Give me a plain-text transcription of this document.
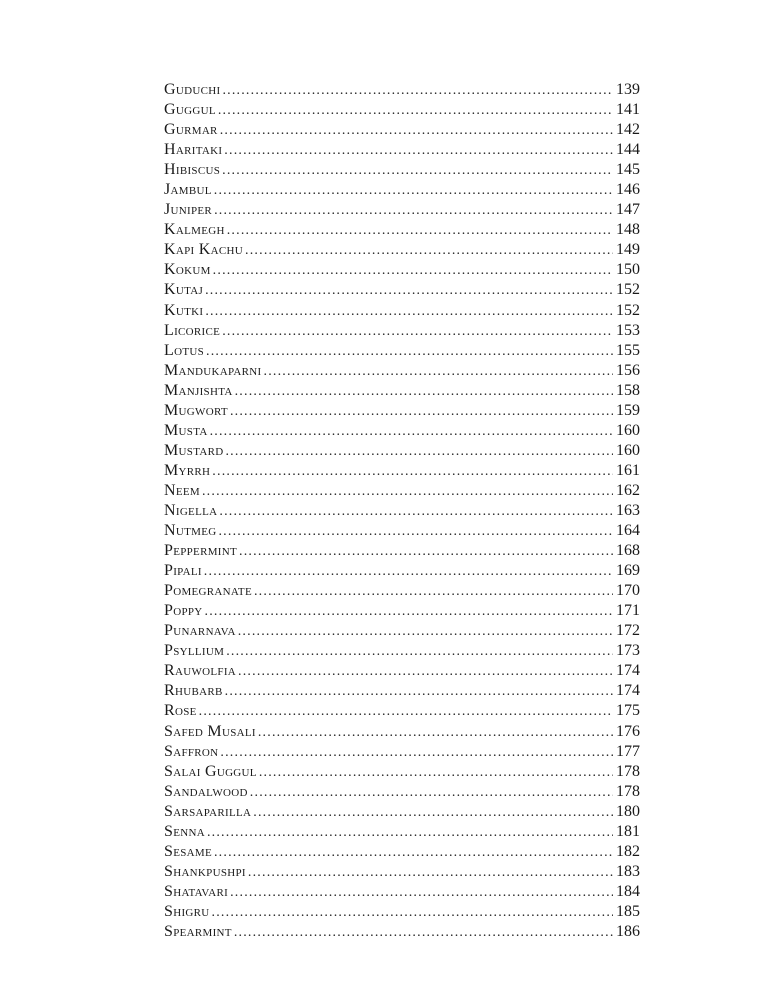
Guduchi .....	139
Guggul .....	141
Gurmar .....	142
Haritaki .....	144
Hibiscus .....	145
Jambul .....	146
Juniper .....	147
Kalmegh .....	148
Kapi Kachu .....	149
Kokum .....	150
Kutaj .....	152
Kutki .....	152
Licorice .....	153
Lotus .....	155
Mandukaparni .....	156
Manjishta .....	158
Mugwort .....	159
Musta .....	160
Mustard .....	160
Myrrh .....	161
Neem .....	162
Nigella .....	163
Nutmeg .....	164
Peppermint .....	168
Pipali .....	169
Pomegranate .....	170
Poppy .....	171
Punarnava .....	172
Psyllium .....	173
Rauwolfia .....	174
Rhubarb .....	174
Rose .....	175
Safed Musali .....	176
Saffron .....	177
Salai Guggul .....	178
Sandalwood .....	178
Sarsaparilla .....	180
Senna .....	181
Sesame .....	182
Shankpushpi .....	183
Shatavari .....	184
Shigru .....	185
Spearmint .....	186
